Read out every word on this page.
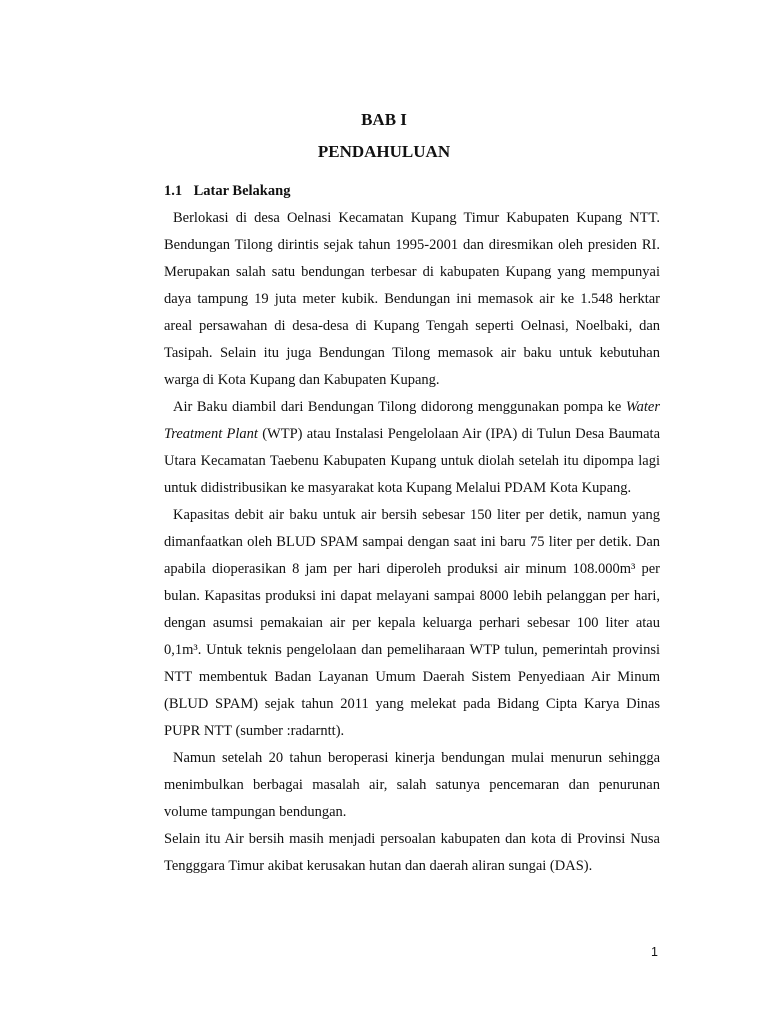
BAB I
PENDAHULUAN
1.1 Latar Belakang

Berlokasi di desa Oelnasi Kecamatan Kupang Timur Kabupaten Kupang NTT. Bendungan Tilong dirintis sejak tahun 1995-2001 dan diresmikan oleh presiden RI. Merupakan salah satu bendungan terbesar di kabupaten Kupang yang mempunyai daya tampung 19 juta meter kubik. Bendungan ini memasok air ke 1.548 herktar areal persawahan di desa-desa di Kupang Tengah seperti Oelnasi, Noelbaki, dan Tasipah. Selain itu juga Bendungan Tilong memasok air baku untuk kebutuhan warga di Kota Kupang dan Kabupaten Kupang.

Air Baku diambil dari Bendungan Tilong didorong menggunakan pompa ke Water Treatment Plant (WTP) atau Instalasi Pengelolaan Air (IPA) di Tulun Desa Baumata Utara Kecamatan Taebenu Kabupaten Kupang untuk diolah setelah itu dipompa lagi untuk didistribusikan ke masyarakat kota Kupang Melalui PDAM Kota Kupang.

Kapasitas debit air baku untuk air bersih sebesar 150 liter per detik, namun yang dimanfaatkan oleh BLUD SPAM sampai dengan saat ini baru 75 liter per detik. Dan apabila dioperasikan 8 jam per hari diperoleh produksi air minum 108.000m³ per bulan. Kapasitas produksi ini dapat melayani sampai 8000 lebih pelanggan per hari, dengan asumsi pemakaian air per kepala keluarga perhari sebesar 100 liter atau 0,1m³. Untuk teknis pengelolaan dan pemeliharaan WTP tulun, pemerintah provinsi NTT membentuk Badan Layanan Umum Daerah Sistem Penyediaan Air Minum (BLUD SPAM) sejak tahun 2011 yang melekat pada Bidang Cipta Karya Dinas PUPR NTT (sumber :radarntt).

Namun setelah 20 tahun beroperasi kinerja bendungan mulai menurun sehingga menimbulkan berbagai masalah air, salah satunya pencemaran dan penurunan volume tampungan bendungan.

Selain itu Air bersih masih menjadi persoalan kabupaten dan kota di Provinsi Nusa Tengggara Timur akibat kerusakan hutan dan daerah aliran sungai (DAS).

1
